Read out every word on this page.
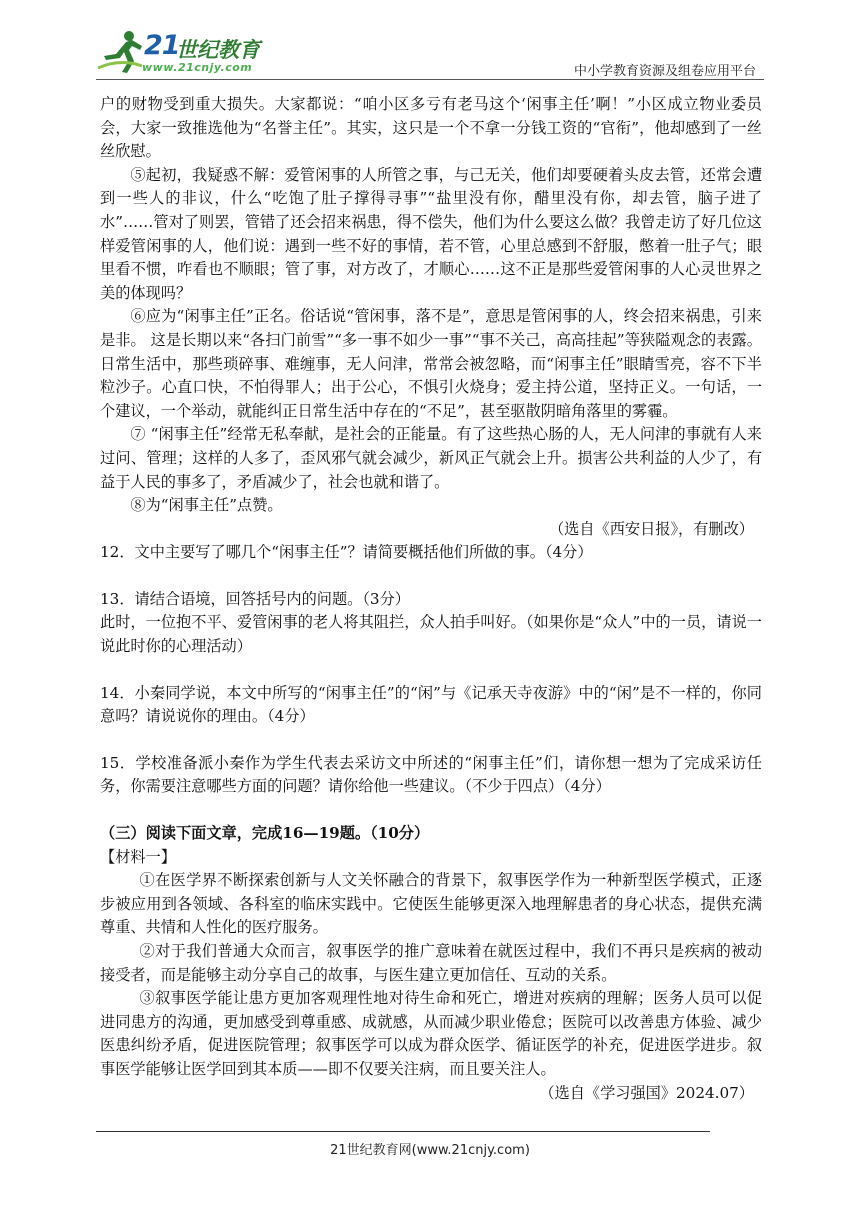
21
世纪教育
www.21cnjy.com	中小学教育资源及组卷应用平台

户的财物受到重大损失。大家都说：“咱小区多亏有老马这个‘闲事主任’啊！”小区成立物业委员会，大家一致推选他为“名誉主任”。其实，这只是一个不拿一分钱工资的“官衔”，他却感到了一丝丝欣慰。

⑤起初，我疑惑不解：爱管闲事的人所管之事，与己无关，他们却要硬着头皮去管，还常会遭到一些人的非议，什么“吃饱了肚子撑得寻事”“盐里没有你，醋里没有你，却去管，脑子进了水”……管对了则罢，管错了还会招来祸患，得不偿失，他们为什么要这么做？我曾走访了好几位这样爱管闲事的人，他们说：遇到一些不好的事情，若不管，心里总感到不舒服，憋着一肚子气；眼里看不惯，咋看也不顺眼；管了事，对方改了，才顺心……这不正是那些爱管闲事的人心灵世界之美的体现吗？

⑥应为“闲事主任”正名。俗话说“管闲事，落不是”，意思是管闲事的人，终会招来祸患，引来是非。 这是长期以来“各扫门前雪”“多一事不如少一事”“事不关己，高高挂起”等狭隘观念的表露。 日常生活中，那些琐碎事、难缠事，无人问津，常常会被忽略，而“闲事主任”眼睛雪亮，容不下半粒沙子。心直口快，不怕得罪人；出于公心，不惧引火烧身；爱主持公道，坚持正义。一句话，一个建议，一个举动，就能纠正日常生活中存在的“不足”，甚至驱散阴暗角落里的雾霾。

⑦ “闲事主任”经常无私奉献，是社会的正能量。有了这些热心肠的人，无人问津的事就有人来过问、管理；这样的人多了，歪风邪气就会减少，新风正气就会上升。损害公共利益的人少了，有益于人民的事多了，矛盾减少了，社会也就和谐了。

⑧为“闲事主任”点赞。

（选自《西安日报》，有删改）

12．文中主要写了哪几个“闲事主任”？请简要概括他们所做的事。（4分）

13．请结合语境，回答括号内的问题。（3分）

此时，一位抱不平、爱管闲事的老人将其阻拦，众人拍手叫好。（如果你是“众人”中的一员，请说一说此时你的心理活动）

14．小秦同学说，本文中所写的“闲事主任”的“闲”与《记承天寺夜游》中的“闲”是不一样的，你同意吗？请说说你的理由。（4分）

15．学校准备派小秦作为学生代表去采访文中所述的“闲事主任”们，请你想一想为了完成采访任务，你需要注意哪些方面的问题？请你给他一些建议。（不少于四点）（4分）

（三）阅读下面文章，完成16—19题。（10分）

【材料一】

①在医学界不断探索创新与人文关怀融合的背景下，叙事医学作为一种新型医学模式，正逐步被应用到各领域、各科室的临床实践中。它使医生能够更深入地理解患者的身心状态，提供充满尊重、共情和人性化的医疗服务。

②对于我们普通大众而言，叙事医学的推广意味着在就医过程中，我们不再只是疾病的被动接受者，而是能够主动分享自己的故事，与医生建立更加信任、互动的关系。

③叙事医学能让患方更加客观理性地对待生命和死亡，增进对疾病的理解；医务人员可以促进同患方的沟通，更加感受到尊重感、成就感，从而减少职业倦怠；医院可以改善患方体验、减少医患纠纷矛盾，促进医院管理；叙事医学可以成为群众医学、循证医学的补充，促进医学进步。叙事医学能够让医学回到其本质——即不仅要关注病，而且要关注人。

（选自《学习强国》2024.07）

21世纪教育网(www.21cnjy.com)
